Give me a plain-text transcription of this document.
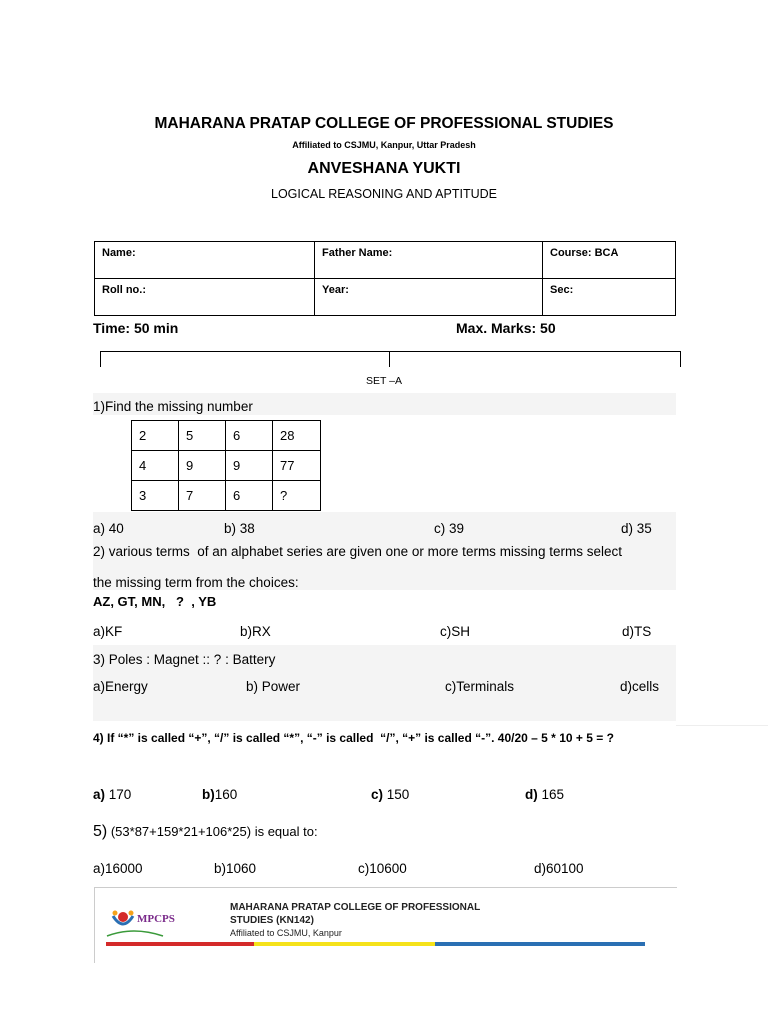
MAHARANA PRATAP COLLEGE OF PROFESSIONAL STUDIES
Affiliated to CSJMU, Kanpur, Uttar Pradesh
ANVESHANA YUKTI
LOGICAL REASONING AND APTITUDE
Name:	Father Name:	Course: BCA
Roll no.:	Year:	Sec:
Time: 50 min	Max. Marks: 50
SET –A
1)Find the missing number
2	5	6	28
4	9	9	77
3	7	6	?
a) 40	b) 38	c) 39	d) 35
2) various terms  of an alphabet series are given one or more terms missing terms select
the missing term from the choices:
AZ, GT, MN,   ?  , YB
a)KF	b)RX	c)SH	d)TS
3) Poles : Magnet :: ? : Battery
a)Energy	b) Power	c)Terminals	d)cells
4) If “*” is called “+”, “/” is called “*”, “-” is called  “/”, “+” is called “-”. 40/20 – 5 * 10 + 5 = ?
a) 170	b)160	c) 150	d) 165
5) (53*87+159*21+106*25) is equal to:
a)16000	b)1060	c)10600	d)60100
MPCPS
MAHARANA PRATAP COLLEGE OF PROFESSIONAL
STUDIES (KN142)
Affiliated to CSJMU, Kanpur
